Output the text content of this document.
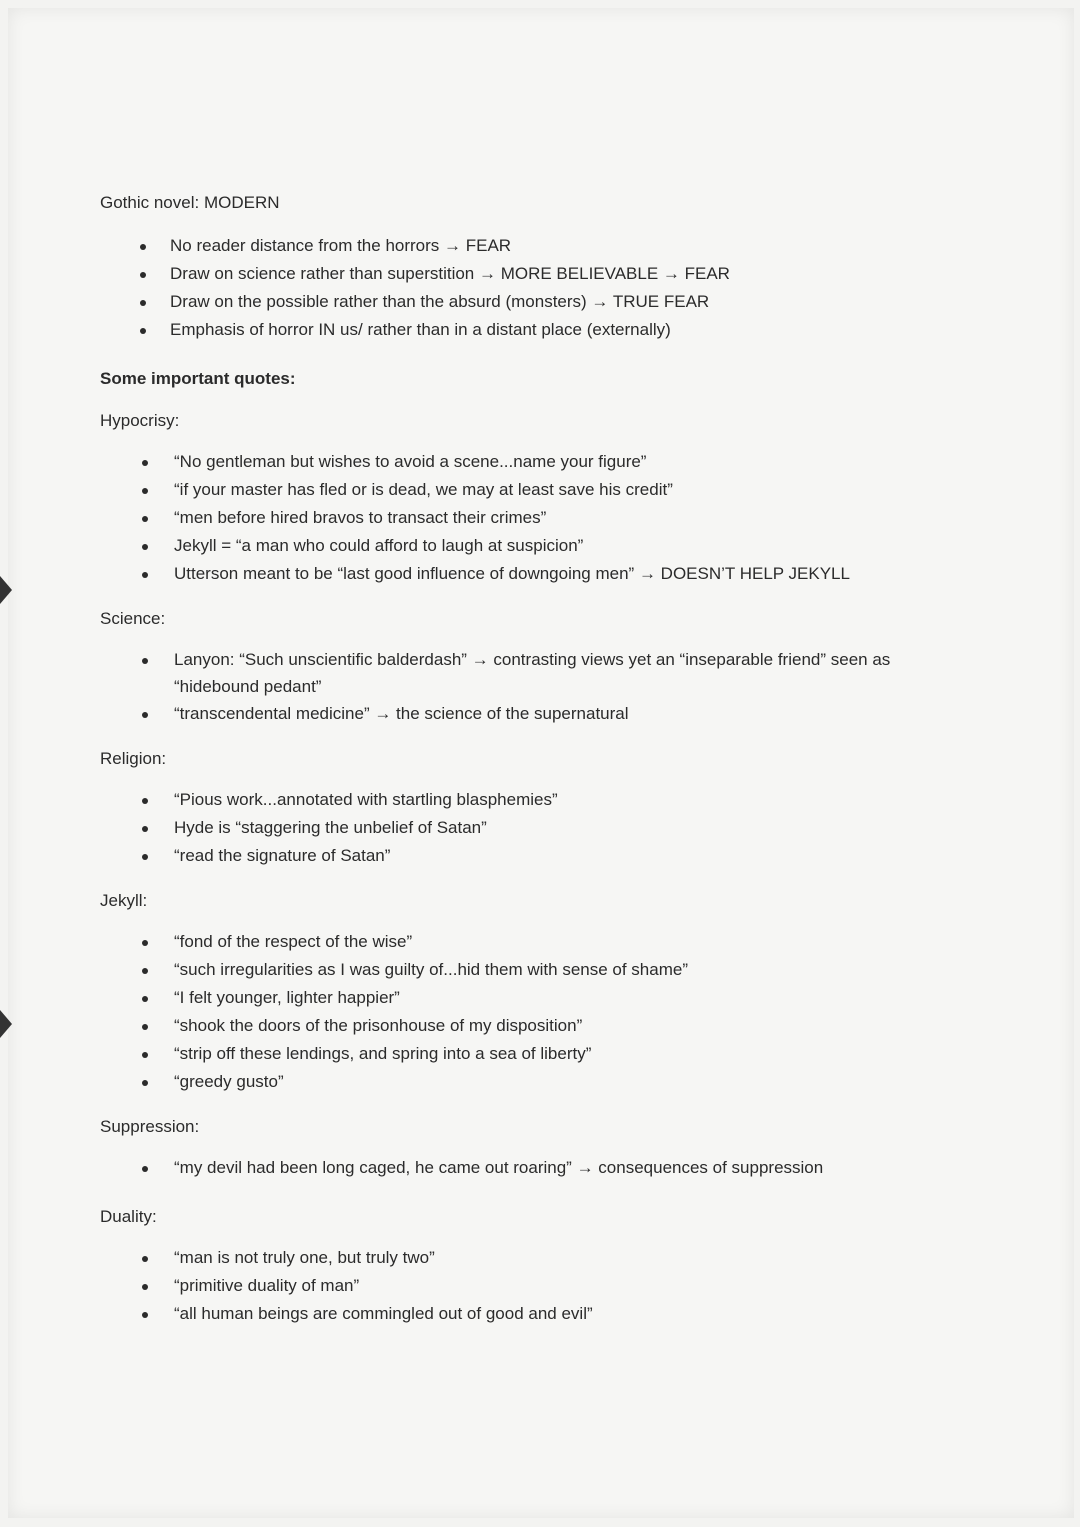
Gothic novel: MODERN

No reader distance from the horrors → FEAR
Draw on science rather than superstition → MORE BELIEVABLE → FEAR
Draw on the possible rather than the absurd (monsters) → TRUE FEAR
Emphasis of horror IN us/ rather than in a distant place (externally)

Some important quotes:

Hypocrisy:

“No gentleman but wishes to avoid a scene...name your figure”
“if your master has fled or is dead, we may at least save his credit”
“men before hired bravos to transact their crimes”
Jekyll = “a man who could afford to laugh at suspicion”
Utterson meant to be “last good influence of downgoing men” → DOESN’T HELP JEKYLL

Science:

Lanyon: “Such unscientific balderdash” → contrasting views yet an “inseparable friend” seen as “hidebound pedant”
“transcendental medicine” → the science of the supernatural

Religion:

“Pious work...annotated with startling blasphemies”
Hyde is “staggering the unbelief of Satan”
“read the signature of Satan”

Jekyll:

“fond of the respect of the wise”
“such irregularities as I was guilty of...hid them with sense of shame”
“I felt younger, lighter happier”
“shook the doors of the prisonhouse of my disposition”
“strip off these lendings, and spring into a sea of liberty”
“greedy gusto”

Suppression:

“my devil had been long caged, he came out roaring” → consequences of suppression

Duality:

“man is not truly one, but truly two”
“primitive duality of man”
“all human beings are commingled out of good and evil”
